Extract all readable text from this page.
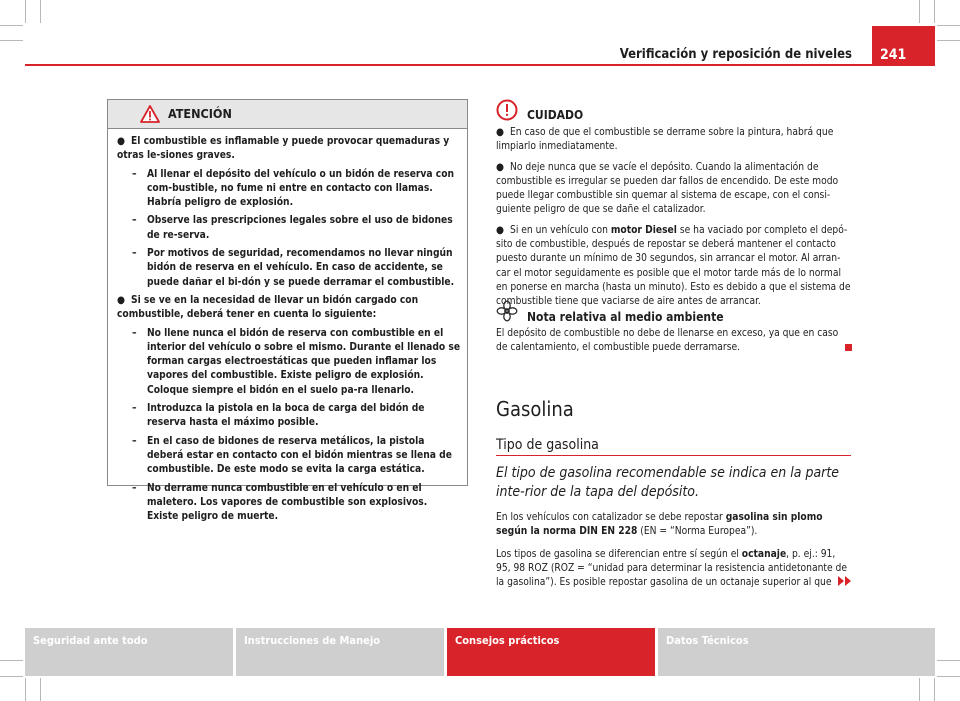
Verificación y reposición de niveles 241
ATENCIÓN
● El combustible es inflamable y puede provocar quemaduras y otras le-siones graves.
– Al llenar el depósito del vehículo o un bidón de reserva con com-bustible, no fume ni entre en contacto con llamas. Habría peligro de explosión.
– Observe las prescripciones legales sobre el uso de bidones de re-serva.
– Por motivos de seguridad, recomendamos no llevar ningún bidón de reserva en el vehículo. En caso de accidente, se puede dañar el bi-dón y se puede derramar el combustible.
● Si se ve en la necesidad de llevar un bidón cargado con combustible, deberá tener en cuenta lo siguiente:
– No llene nunca el bidón de reserva con combustible en el interior del vehículo o sobre el mismo. Durante el llenado se forman cargas electroestáticas que pueden inflamar los vapores del combustible. Existe peligro de explosión. Coloque siempre el bidón en el suelo pa-ra llenarlo.
– Introduzca la pistola en la boca de carga del bidón de reserva hasta el máximo posible.
– En el caso de bidones de reserva metálicos, la pistola deberá estar en contacto con el bidón mientras se llena de combustible. De este modo se evita la carga estática.
– No derrame nunca combustible en el vehículo o en el maletero. Los vapores de combustible son explosivos. Existe peligro de muerte.
CUIDADO

● En caso de que el combustible se derrame sobre la pintura, habrá que limpiarlo inmediatamente.

● No deje nunca que se vacíe el depósito. Cuando la alimentación de combustible es irregular se pueden dar fallos de encendido. De este modo puede llegar combustible sin quemar al sistema de escape, con el consi-guiente peligro de que se dañe el catalizador.

● Si en un vehículo con motor Diesel se ha vaciado por completo el depó-sito de combustible, después de repostar se deberá mantener el contacto puesto durante un mínimo de 30 segundos, sin arrancar el motor. Al arran-car el motor seguidamente es posible que el motor tarde más de lo normal en ponerse en marcha (hasta un minuto). Esto es debido a que el sistema de combustible tiene que vaciarse de aire antes de arrancar.

Nota relativa al medio ambiente
El depósito de combustible no debe de llenarse en exceso, ya que en caso de calentamiento, el combustible puede derramarse.
Gasolina
Tipo de gasolina
El tipo de gasolina recomendable se indica en la parte inte-rior de la tapa del depósito.

En los vehículos con catalizador se debe repostar gasolina sin plomo según la norma DIN EN 228 (EN = “Norma Europea”).

Los tipos de gasolina se diferencian entre sí según el octanaje, p. ej.: 91, 95, 98 ROZ (ROZ = “unidad para determinar la resistencia antidetonante de la gasolina”). Es posible repostar gasolina de un octanaje superior al que

Seguridad ante todo	Instrucciones de Manejo	Consejos prácticos	Datos Técnicos
